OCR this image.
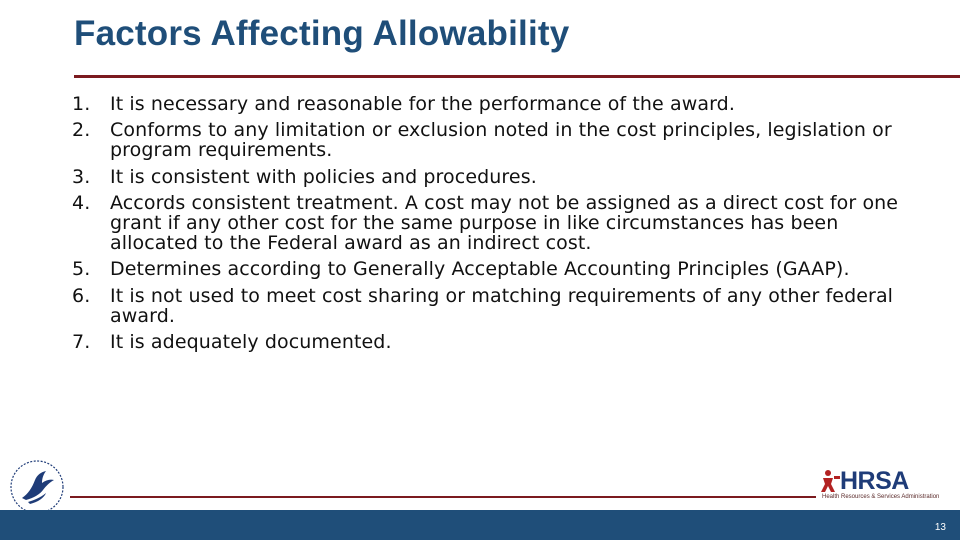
Factors Affecting Allowability
1. It is necessary and reasonable for the performance of the award.
2. Conforms to any limitation or exclusion noted in the cost principles, legislation or program requirements.
3. It is consistent with policies and procedures.
4. Accords consistent treatment. A cost may not be assigned as a direct cost for one grant if any other cost for the same purpose in like circumstances has been allocated to the Federal award as an indirect cost.
5. Determines according to Generally Acceptable Accounting Principles (GAAP).
6. It is not used to meet cost sharing or matching requirements of any other federal award.
7. It is adequately documented.
HRSA
Health Resources & Services Administration
13
